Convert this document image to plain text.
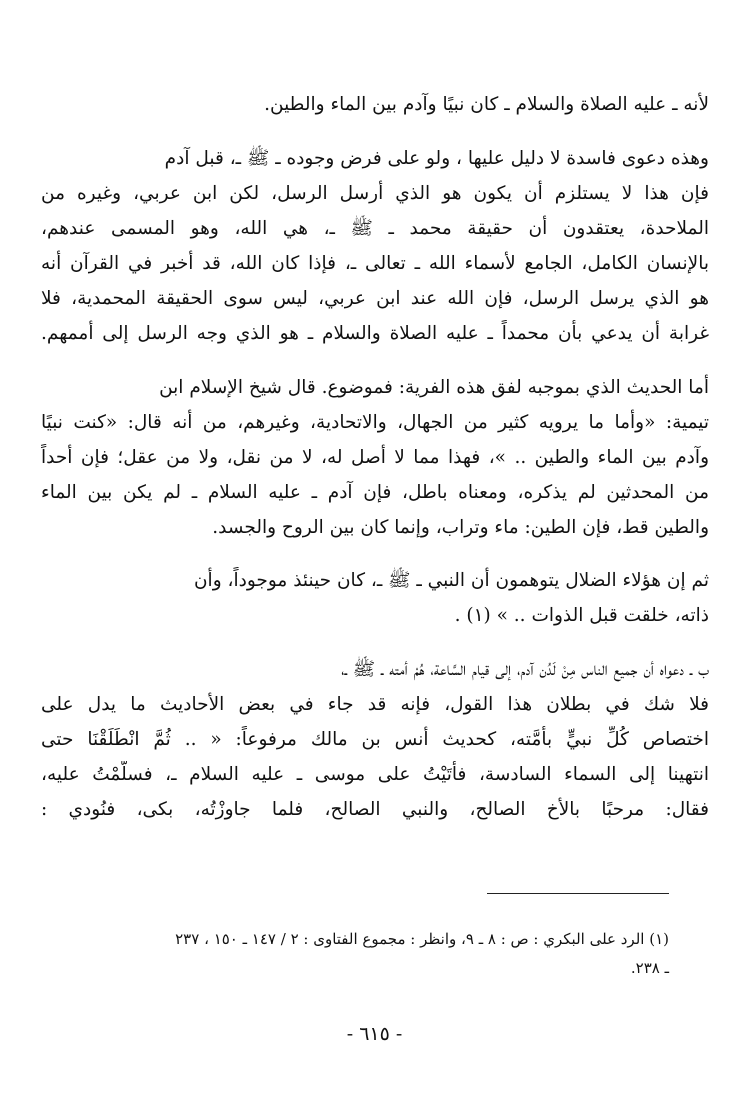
لأنه ـ عليه الصلاة والسلام ـ كان نبيًا وآدم بين الماء والطين.
وهذه دعوى فاسدة لا دليل عليها ، ولو على فرض وجوده ـ ﷺ ـ، قبل آدم
فإن هذا لا يستلزم أن يكون هو الذي أرسل الرسل، لكن ابن عربي، وغيره من
الملاحدة، يعتقدون أن حقيقة محمد ـ ﷺ ـ، هي الله، وهو المسمى عندهم،
بالإنسان الكامل، الجامع لأسماء الله ـ تعالى ـ، فإذا كان الله، قد أخبر في القرآن أنه
هو الذي يرسل الرسل، فإن الله عند ابن عربي، ليس سوى الحقيقة المحمدية، فلا
غرابة أن يدعي بأن محمداً ـ عليه الصلاة والسلام ـ هو الذي وجه الرسل إلى أممهم.
أما الحديث الذي بموجبه لفق هذه الفرية: فموضوع. قال شيخ الإسلام ابن
تيمية: «وأما ما يرويه كثير من الجهال، والاتحادية، وغيرهم، من أنه قال: «كنت نبيًا
وآدم بين الماء والطين .. »، فهذا مما لا أصل له، لا من نقل، ولا من عقل؛ فإن أحداً
من المحدثين لم يذكره، ومعناه باطل، فإن آدم ـ عليه السلام ـ لم يكن بين الماء
والطين قط، فإن الطين: ماء وتراب، وإنما كان بين الروح والجسد.
ثم إن هؤلاء الضلال يتوهمون أن النبي ـ ﷺ ـ، كان حينئذ موجوداً، وأن
ذاته، خلقت قبل الذوات .. » (١) .
ب ـ دعواه أن جميع الناس مِنْ لَدُن آدم، إلى قيام السَّاعة، هُمْ أمته ـ ﷺ ـ،
فلا شك في بطلان هذا القول، فإنه قد جاء في بعض الأحاديث ما يدل على
اختصاص كُلِّ نبيٍّ بأُمَّته، كحديث أنس بن مالك مرفوعاً: « .. ثُمَّ انْطَلَقْنَا حتى
انتهينا إلى السماء السادسة، فأتَيْتُ على موسى ـ عليه السلام ـ، فسلَّمْتُ عليه،
فقال: مرحبًا بالأخ الصالح، والنبي الصالح، فلما جاوزْتُه، بكى، فنُودي :
(١) الرد على البكري : ص : ٨ ـ ٩، وانظر : مجموع الفتاوى : ٢ / ١٤٧ ـ ١٥٠ ، ٢٣٧
ـ ٢٣٨.
- ٦١٥ -
